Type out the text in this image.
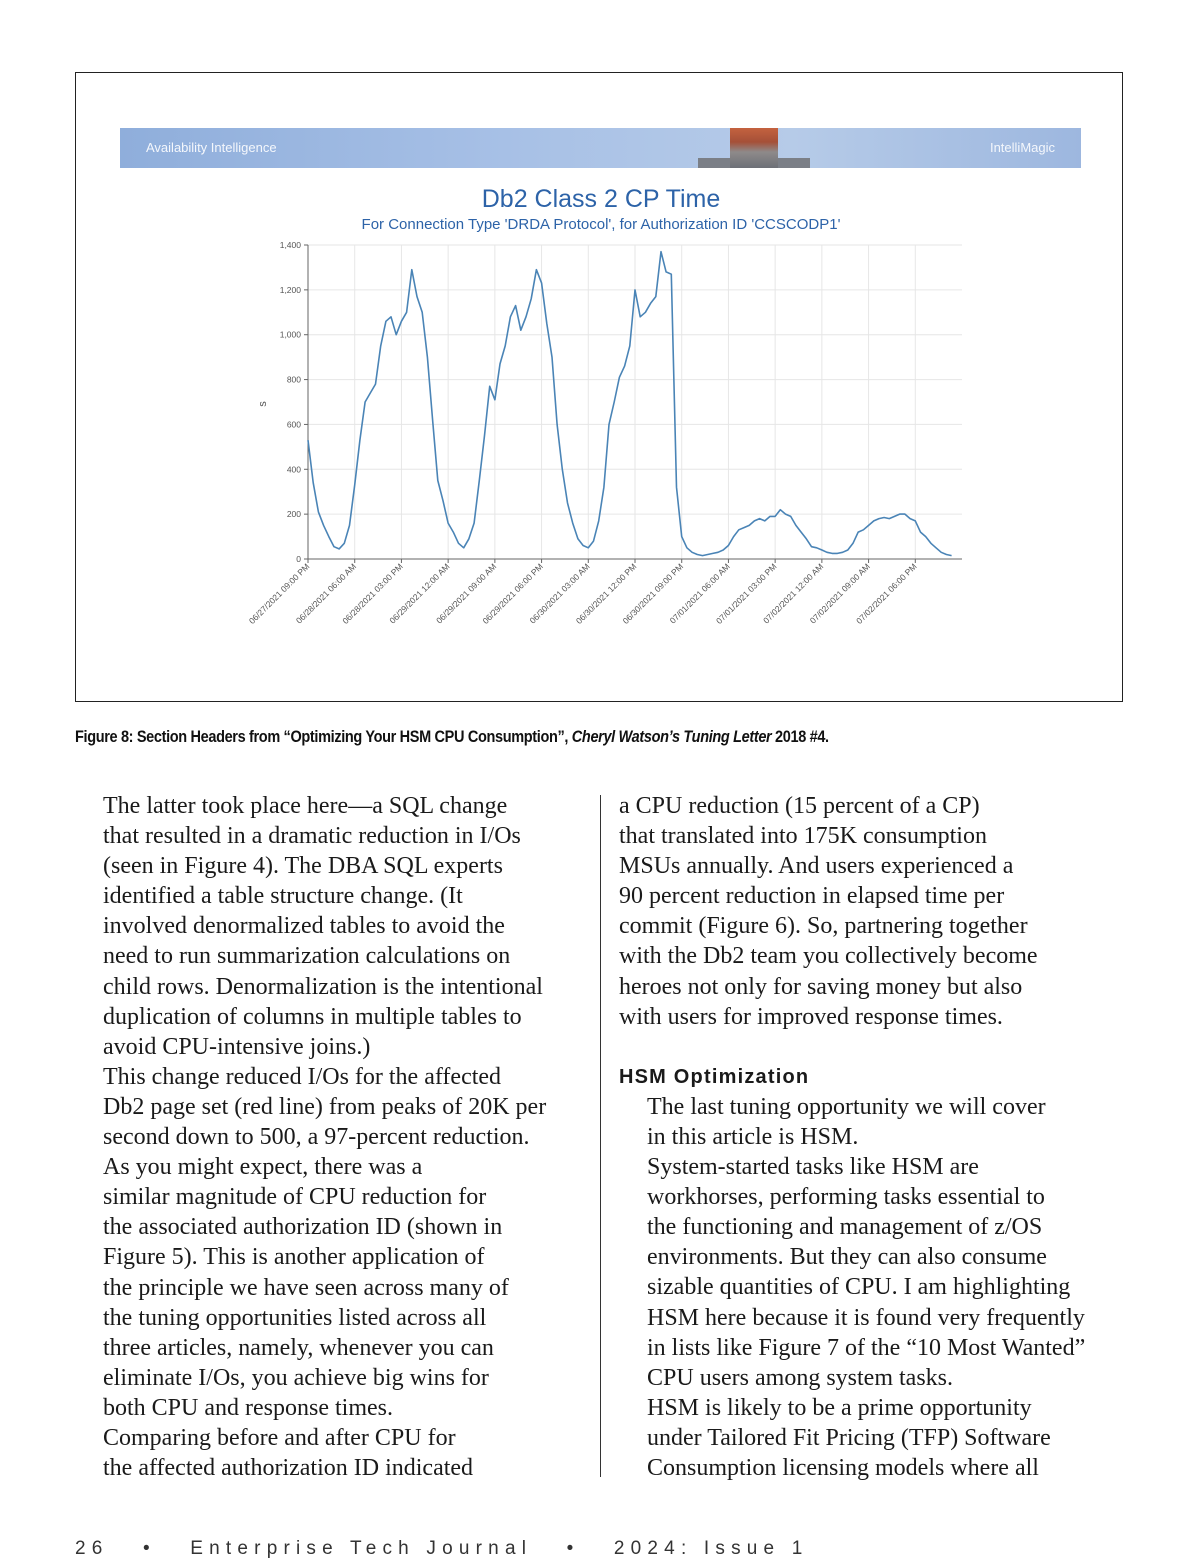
Availability Intelligence	IntelliMagic
Db2 Class 2 CP Time
For Connection Type 'DRDA Protocol', for Authorization ID 'CCSCODP1'
s
0
200
400
600
800
1,000
1,200
1,400
06/27/2021 09:00 PM
06/28/2021 06:00 AM
06/28/2021 03:00 PM
06/29/2021 12:00 AM
06/29/2021 09:00 AM
06/29/2021 06:00 PM
06/30/2021 03:00 AM
06/30/2021 12:00 PM
06/30/2021 09:00 PM
07/01/2021 06:00 AM
07/01/2021 03:00 PM
07/02/2021 12:00 AM
07/02/2021 09:00 AM
07/02/2021 06:00 PM
Figure 8: Section Headers from “Optimizing Your HSM CPU Consumption”, Cheryl Watson’s Tuning Letter 2018 #4.

The latter took place here—a SQL change
that resulted in a dramatic reduction in I/Os
(seen in Figure 4). The DBA SQL experts
identified a table structure change. (It
involved denormalized tables to avoid the
need to run summarization calculations on
child rows. Denormalization is the intentional
duplication of columns in multiple tables to
avoid CPU-intensive joins.)

This change reduced I/Os for the affected
Db2 page set (red line) from peaks of 20K per
second down to 500, a 97-percent reduction.

As you might expect, there was a
similar magnitude of CPU reduction for
the associated authorization ID (shown in
Figure 5). This is another application of
the principle we have seen across many of
the tuning opportunities listed across all
three articles, namely, whenever you can
eliminate I/Os, you achieve big wins for
both CPU and response times.

Comparing before and after CPU for
the affected authorization ID indicated

a CPU reduction (15 percent of a CP)
that translated into 175K consumption
MSUs annually. And users experienced a
90 percent reduction in elapsed time per
commit (Figure 6). So, partnering together
with the Db2 team you collectively become
heroes not only for saving money but also
with users for improved response times.

HSM Optimization

The last tuning opportunity we will cover
in this article is HSM.

System-started tasks like HSM are
workhorses, performing tasks essential to
the functioning and management of z/OS
environments. But they can also consume
sizable quantities of CPU. I am highlighting
HSM here because it is found very frequently
in lists like Figure 7 of the “10 Most Wanted”
CPU users among system tasks.

HSM is likely to be a prime opportunity
under Tailored Fit Pricing (TFP) Software
Consumption licensing models where all

26 • Enterprise Tech Journal • 2024: Issue 1
